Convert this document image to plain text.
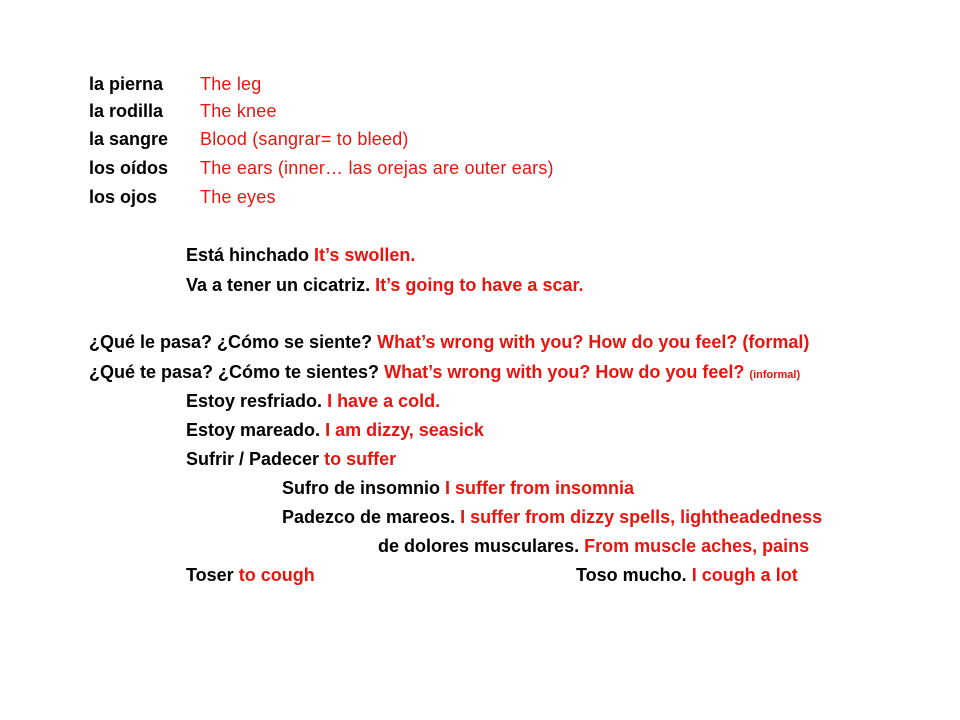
la pierna The leg
la rodilla The knee
la sangre Blood (sangrar= to bleed)
los oídos The ears (inner… las orejas are outer ears)
los ojos The eyes
Está hinchado It’s swollen.
Va a tener un cicatriz. It’s going to have a scar.
¿Qué le pasa? ¿Cómo se siente? What’s wrong with you? How do you feel? (formal)
¿Qué te pasa? ¿Cómo te sientes? What’s wrong with you? How do you feel? (informal)
Estoy resfriado. I have a cold.
Estoy mareado. I am dizzy, seasick
Sufrir / Padecer to suffer
Sufro de insomnio I suffer from insomnia
Padezco de mareos. I suffer from dizzy spells, lightheadedness
de dolores musculares. From muscle aches, pains
Toser to cough	Toso mucho. I cough a lot
